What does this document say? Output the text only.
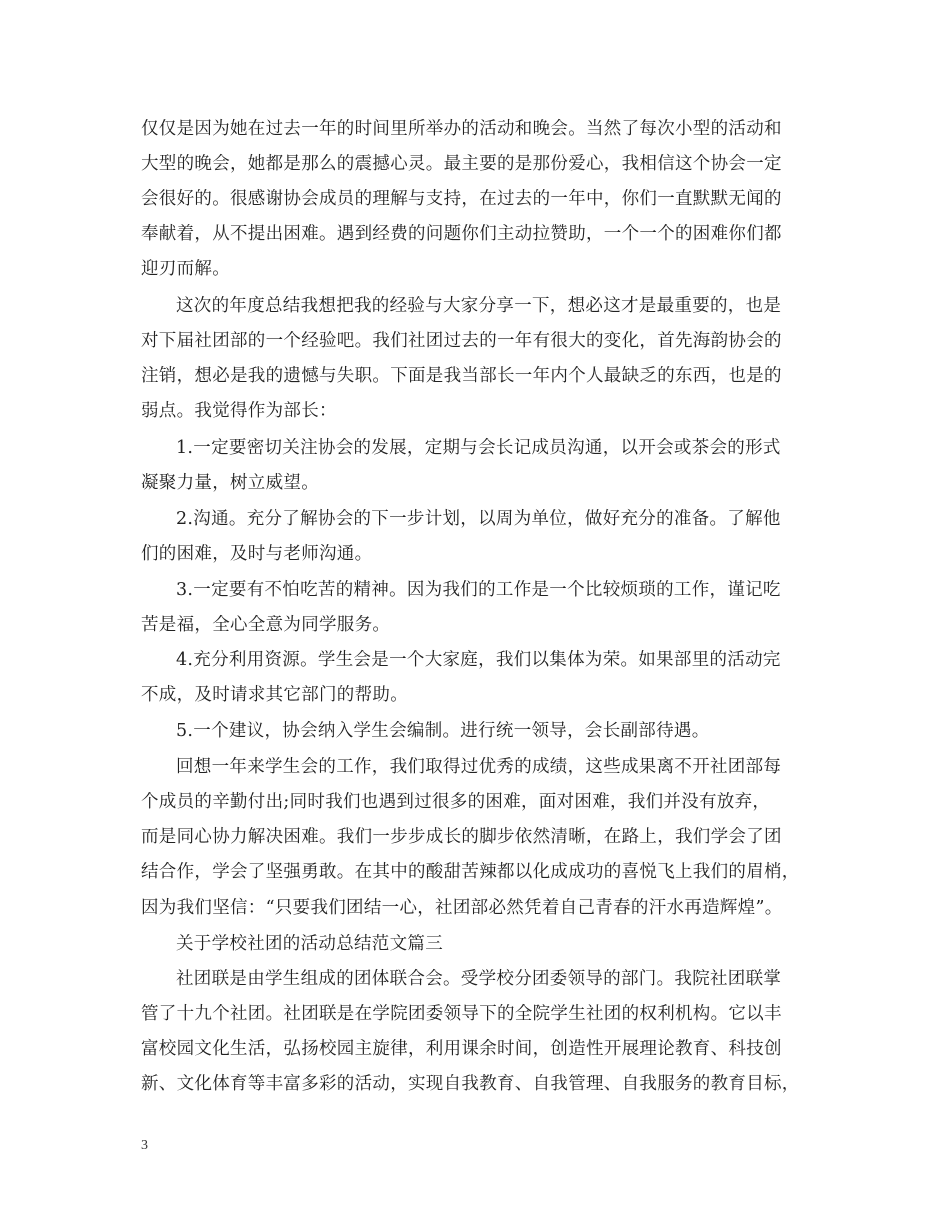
仅仅是因为她在过去一年的时间里所举办的活动和晚会。当然了每次小型的活动和
大型的晚会，她都是那么的震撼心灵。最主要的是那份爱心，我相信这个协会一定
会很好的。很感谢协会成员的理解与支持，在过去的一年中，你们一直默默无闻的
奉献着，从不提出困难。遇到经费的问题你们主动拉赞助，一个一个的困难你们都
迎刃而解。
这次的年度总结我想把我的经验与大家分享一下，想必这才是最重要的，也是
对下届社团部的一个经验吧。我们社团过去的一年有很大的变化，首先海韵协会的
注销，想必是我的遗憾与失职。下面是我当部长一年内个人最缺乏的东西，也是的
弱点。我觉得作为部长：
1.一定要密切关注协会的发展，定期与会长记成员沟通，以开会或茶会的形式
凝聚力量，树立威望。
2.沟通。充分了解协会的下一步计划，以周为单位，做好充分的准备。了解他
们的困难，及时与老师沟通。
3.一定要有不怕吃苦的精神。因为我们的工作是一个比较烦琐的工作，谨记吃
苦是福，全心全意为同学服务。
4.充分利用资源。学生会是一个大家庭，我们以集体为荣。如果部里的活动完
不成，及时请求其它部门的帮助。
5.一个建议，协会纳入学生会编制。进行统一领导，会长副部待遇。
回想一年来学生会的工作，我们取得过优秀的成绩，这些成果离不开社团部每
个成员的辛勤付出;同时我们也遇到过很多的困难，面对困难，我们并没有放弃，
而是同心协力解决困难。我们一步步成长的脚步依然清晰，在路上，我们学会了团
结合作，学会了坚强勇敢。在其中的酸甜苦辣都以化成成功的喜悦飞上我们的眉梢，
因为我们坚信：“只要我们团结一心，社团部必然凭着自己青春的汗水再造辉煌”。
关于学校社团的活动总结范文篇三
社团联是由学生组成的团体联合会。受学校分团委领导的部门。我院社团联掌
管了十九个社团。社团联是在学院团委领导下的全院学生社团的权利机构。它以丰
富校园文化生活，弘扬校园主旋律，利用课余时间，创造性开展理论教育、科技创
新、文化体育等丰富多彩的活动，实现自我教育、自我管理、自我服务的教育目标，
3
